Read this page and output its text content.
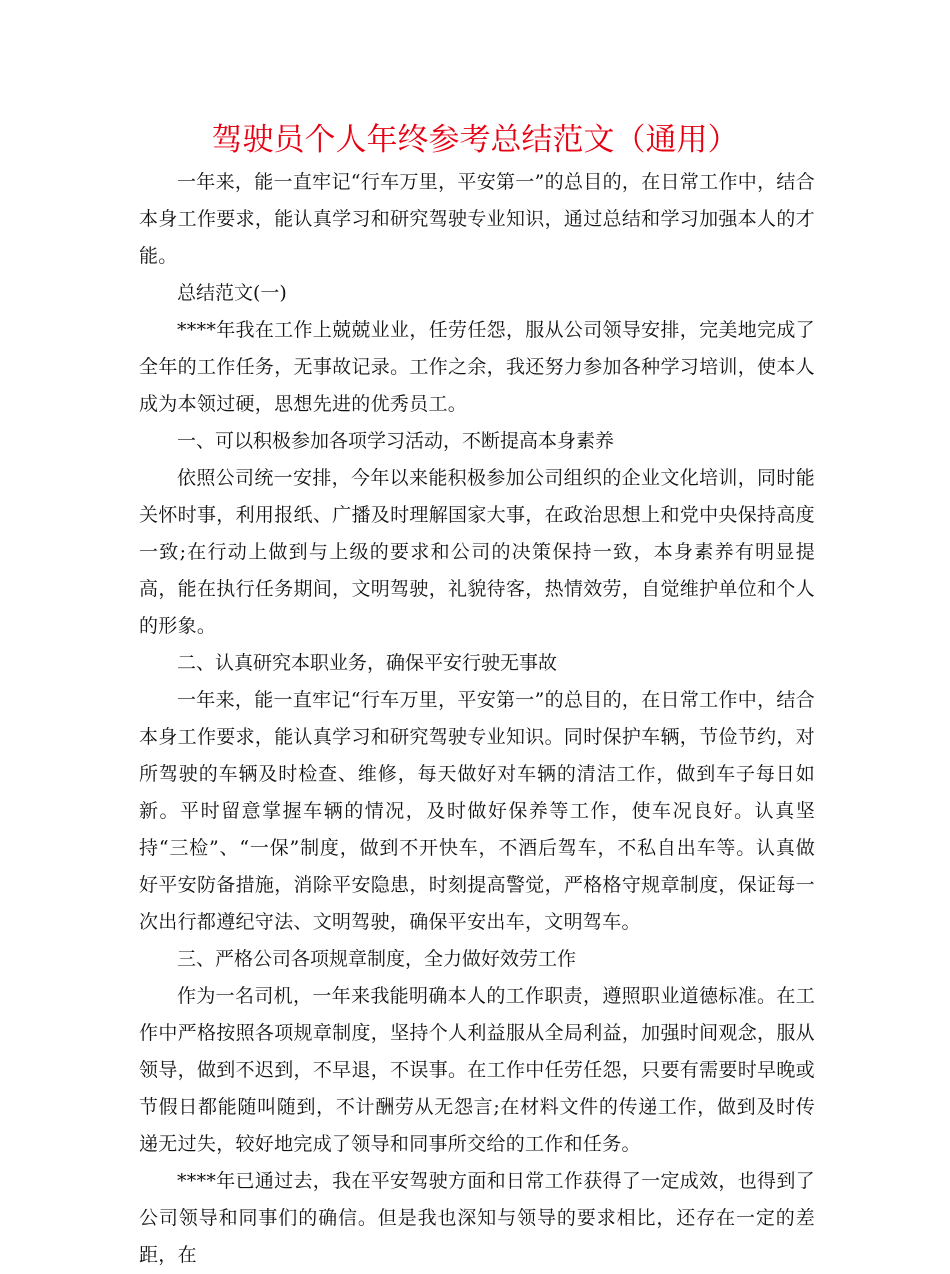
驾驶员个人年终参考总结范文（通用）

一年来，能一直牢记“行车万里，平安第一”的总目的，在日常工作中，结合本身工作要求，能认真学习和研究驾驶专业知识，通过总结和学习加强本人的才能。

总结范文(一)

****年我在工作上兢兢业业，任劳任怨，服从公司领导安排，完美地完成了全年的工作任务，无事故记录。工作之余，我还努力参加各种学习培训，使本人成为本领过硬，思想先进的优秀员工。

一、可以积极参加各项学习活动，不断提高本身素养

依照公司统一安排，今年以来能积极参加公司组织的企业文化培训，同时能关怀时事，利用报纸、广播及时理解国家大事，在政治思想上和党中央保持高度一致;在行动上做到与上级的要求和公司的决策保持一致，本身素养有明显提高，能在执行任务期间，文明驾驶，礼貌待客，热情效劳，自觉维护单位和个人的形象。

二、认真研究本职业务，确保平安行驶无事故

一年来，能一直牢记“行车万里，平安第一”的总目的，在日常工作中，结合本身工作要求，能认真学习和研究驾驶专业知识。同时保护车辆，节俭节约，对所驾驶的车辆及时检查、维修，每天做好对车辆的清洁工作，做到车子每日如新。平时留意掌握车辆的情况，及时做好保养等工作，使车况良好。认真坚持“三检”、“一保”制度，做到不开快车，不酒后驾车，不私自出车等。认真做好平安防备措施，消除平安隐患，时刻提高警觉，严格格守规章制度，保证每一次出行都遵纪守法、文明驾驶，确保平安出车，文明驾车。

三、严格公司各项规章制度，全力做好效劳工作

作为一名司机，一年来我能明确本人的工作职责，遵照职业道德标准。在工作中严格按照各项规章制度，坚持个人利益服从全局利益，加强时间观念，服从领导，做到不迟到，不早退，不误事。在工作中任劳任怨，只要有需要时早晚或节假日都能随叫随到，不计酬劳从无怨言;在材料文件的传递工作，做到及时传递无过失，较好地完成了领导和同事所交给的工作和任务。

****年已通过去，我在平安驾驶方面和日常工作获得了一定成效，也得到了公司领导和同事们的确信。但是我也深知与领导的要求相比，还存在一定的差距，在
